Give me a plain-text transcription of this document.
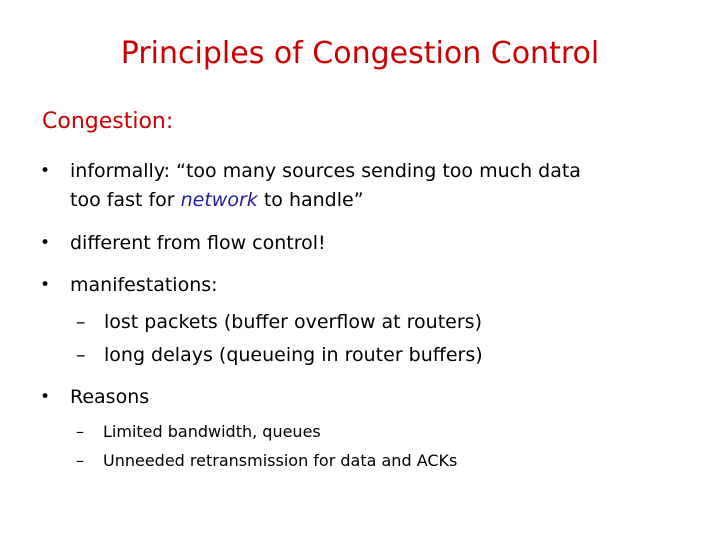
Principles of Congestion Control
Congestion:
• informally: “too many sources sending too much data
too fast for network to handle”
• different from flow control!
• manifestations:
– lost packets (buffer overflow at routers)
– long delays (queueing in router buffers)
• Reasons
– Limited bandwidth, queues
– Unneeded retransmission for data and ACKs
